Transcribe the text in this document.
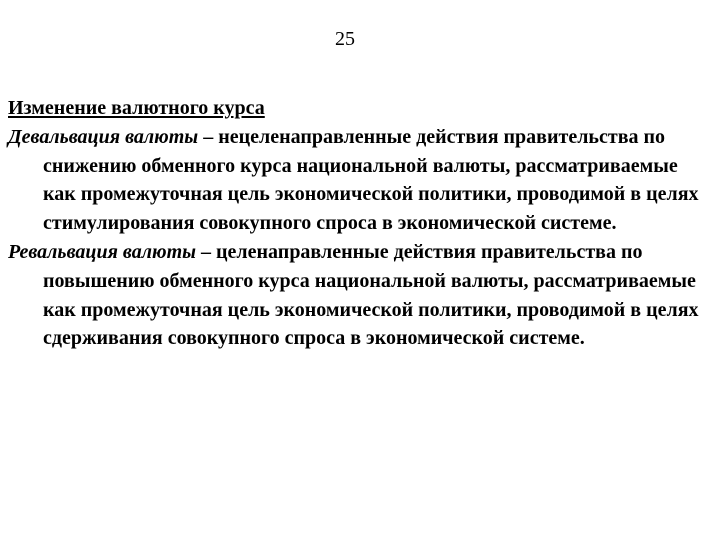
25
Изменение валютного курса
Девальвация валюты – нецеленаправленные действия правительства по снижению обменного курса национальной валюты, рассматриваемые как промежуточная цель экономической политики, проводимой в целях стимулирования совокупного спроса в экономической системе.
Ревальвация валюты – целенаправленные действия правительства по повышению обменного курса национальной валюты, рассматриваемые как промежуточная цель экономической политики, проводимой в целях сдерживания совокупного спроса в экономической системе.
